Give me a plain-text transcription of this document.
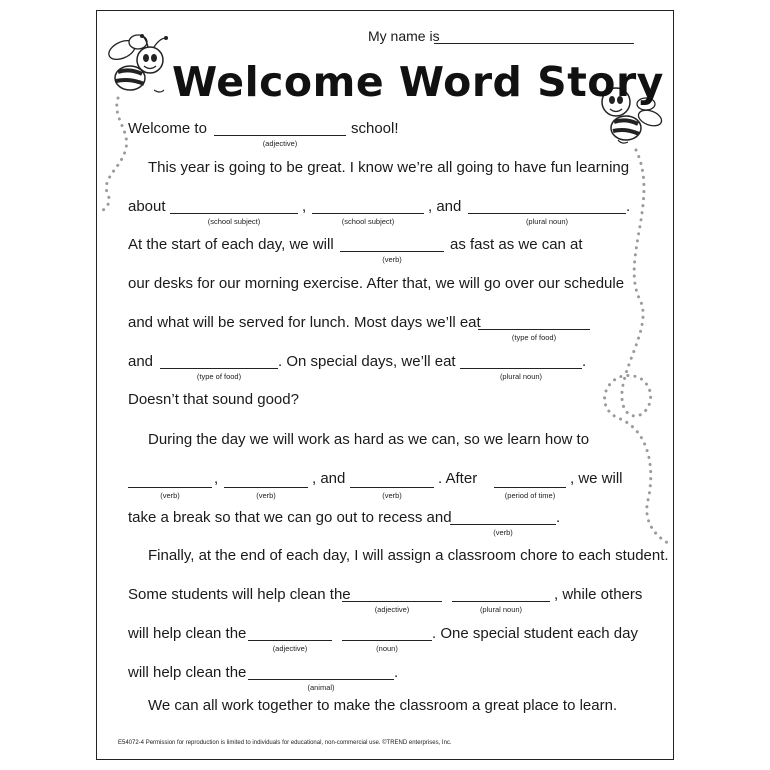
My name is
Welcome Word Story
Welcome to
(adjective)
school!
This year is going to be great. I know we’re all going to have fun learning
about
(school subject)
,
(school subject)
, and
(plural noun)
.
At the start of each day, we will
(verb)
as fast as we can at
our desks for our morning exercise. After that, we will go over our schedule
and what will be served for lunch. Most days we’ll eat
(type of food)
and
(type of food)
. On special days, we’ll eat
(plural noun)
.
Doesn’t that sound good?
During the day we will work as hard as we can, so we learn how to
(verb)
,
(verb)
, and
(verb)
. After
(period of time)
, we will
take a break so that we can go out to recess and
(verb)
.
Finally, at the end of each day, I will assign a classroom chore to each student.
Some students will help clean the
(adjective)	(plural noun)
, while others
will help clean the
(adjective)	(noun)
. One special student each day
will help clean the
(animal)
.
We can all work together to make the classroom a great place to learn.
E54072-4 Permission for reproduction is limited to individuals for educational, non-commercial use. ©TREND enterprises, Inc.
